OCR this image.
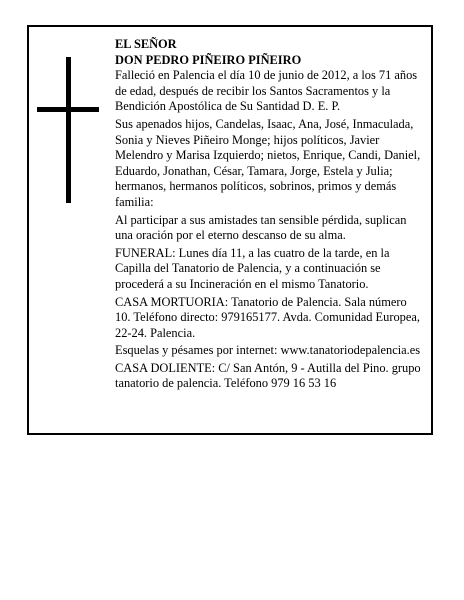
EL SEÑOR

DON PEDRO PIÑEIRO PIÑEIRO

Falleció en Palencia el día 10 de junio de 2012, a los 71 años de edad, después de recibir los Santos Sacramentos y la Bendición Apostólica de Su Santidad D. E. P.

Sus apenados hijos, Candelas, Isaac, Ana, José, Inmaculada, Sonia y Nieves Piñeiro Monge; hijos políticos, Javier Melendro y Marisa Izquierdo; nietos, Enrique, Candi, Daniel, Eduardo, Jonathan, César, Tamara, Jorge, Estela y Julia; hermanos, hermanos políticos, sobrinos, primos y demás familia:

Al participar a sus amistades tan sensible pérdida, suplican una oración por el eterno descanso de su alma.

FUNERAL: Lunes día 11, a las cuatro de la tarde, en la Capilla del Tanatorio de Palencia, y a continuación se procederá a su Incineración en el mismo Tanatorio.

CASA MORTUORIA: Tanatorio de Palencia. Sala número 10. Teléfono directo: 979165177. Avda. Comunidad Europea, 22-24. Palencia.

Esquelas y pésames por internet: www.tanatoriodepalencia.es

CASA DOLIENTE: C/ San Antón, 9 - Autilla del Pino. grupo tanatorio de palencia. Teléfono 979 16 53 16
